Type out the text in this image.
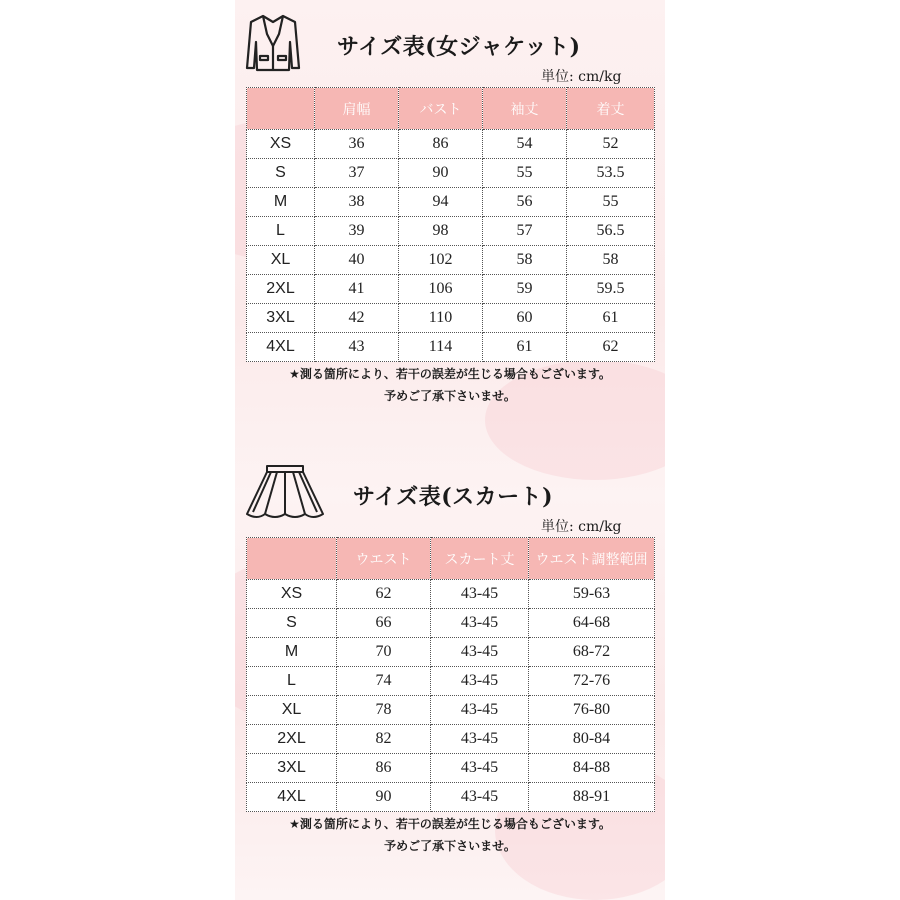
サイズ表(女ジャケット)
単位: cm/kg
	肩幅	バスト	袖丈	着丈
XS	36	86	54	52
S	37	90	55	53.5
M	38	94	56	55
L	39	98	57	56.5
XL	40	102	58	58
2XL	41	106	59	59.5
3XL	42	110	60	61
4XL	43	114	61	62
★測る箇所により、若干の誤差が生じる場合もございます。
予めご了承下さいませ。
サイズ表(スカート)
単位: cm/kg
	ウエスト	スカート丈	ウエスト調整範囲
XS	62	43-45	59-63
S	66	43-45	64-68
M	70	43-45	68-72
L	74	43-45	72-76
XL	78	43-45	76-80
2XL	82	43-45	80-84
3XL	86	43-45	84-88
4XL	90	43-45	88-91
★測る箇所により、若干の誤差が生じる場合もございます。
予めご了承下さいませ。
